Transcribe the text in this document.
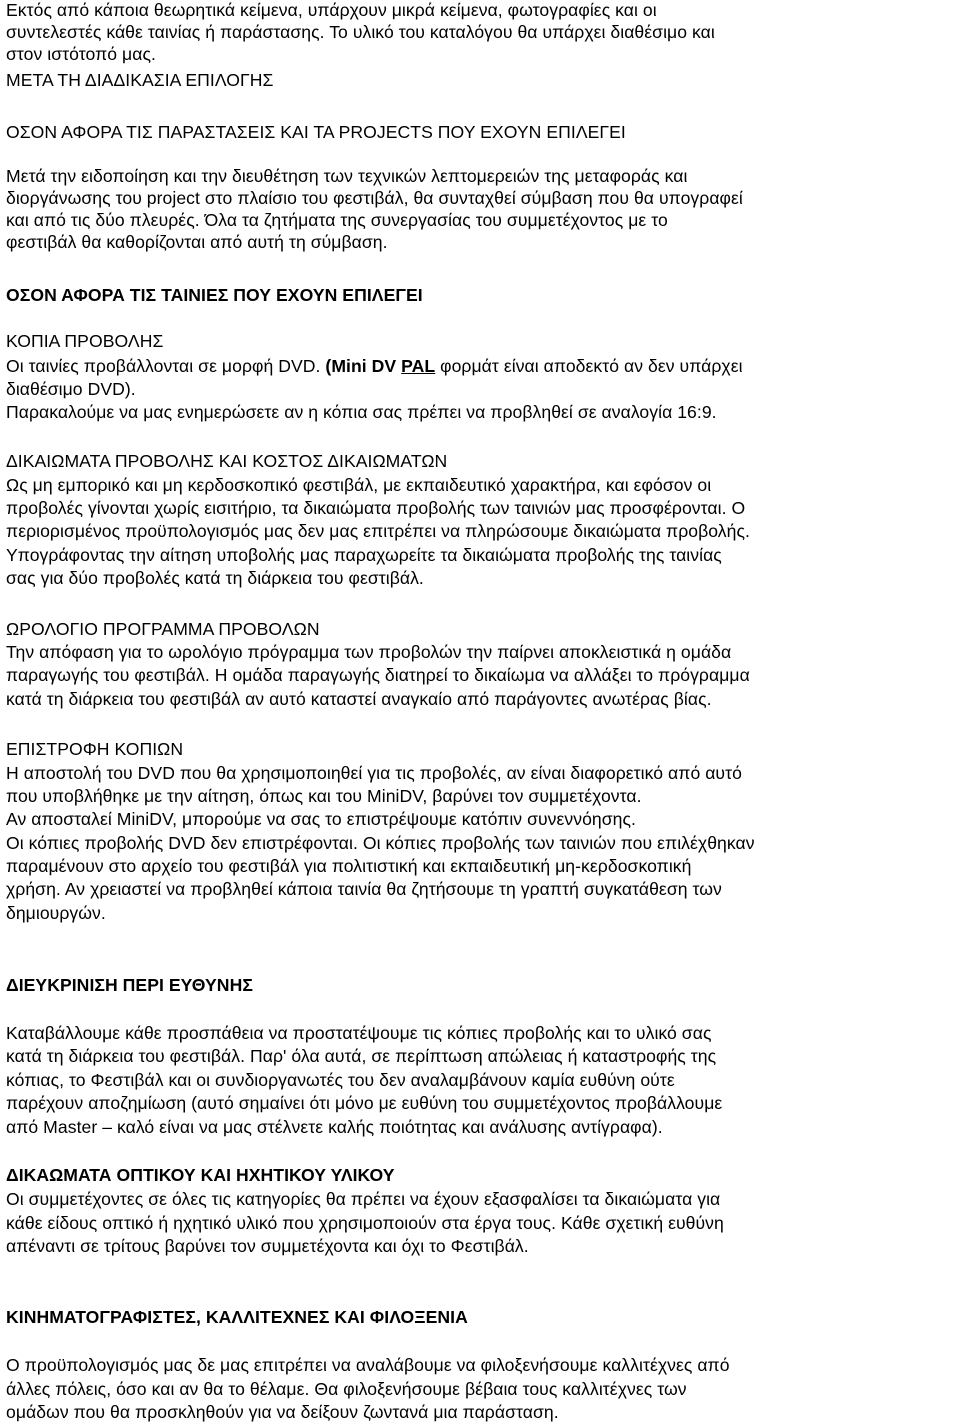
Εκτός από κάποια θεωρητικά κείμενα, υπάρχουν μικρά κείμενα, φωτογραφίες και οι
συντελεστές κάθε ταινίας ή παράστασης. Το υλικό του καταλόγου θα υπάρχει διαθέσιμο και
στον ιστότοπό μας.
ΜΕΤΑ ΤΗ ΔΙΑΔΙΚΑΣΙΑ ΕΠΙΛΟΓΗΣ
ΟΣΟΝ ΑΦΟΡΑ ΤΙΣ ΠΑΡΑΣΤΑΣΕΙΣ ΚΑΙ ΤΑ PROJECTS ΠΟΥ ΕΧΟΥΝ ΕΠΙΛΕΓΕΙ
Μετά την ειδοποίηση και την διευθέτηση των τεχνικών λεπτομερειών της μεταφοράς και
διοργάνωσης του project στο πλαίσιο του φεστιβάλ, θα συνταχθεί σύμβαση που θα υπογραφεί
και από τις δύο πλευρές. Όλα τα ζητήματα της συνεργασίας του συμμετέχοντος με το
φεστιβάλ θα καθορίζονται από αυτή τη σύμβαση.
ΟΣΟΝ ΑΦΟΡΑ ΤΙΣ ΤΑΙΝΙΕΣ ΠΟΥ ΕΧΟΥΝ ΕΠΙΛΕΓΕΙ
ΚΟΠΙΑ ΠΡΟΒΟΛΗΣ
Οι ταινίες προβάλλονται σε μορφή DVD. (Mini DV PAL φορμάτ είναι αποδεκτό αν δεν υπάρχει
διαθέσιμο DVD).
Παρακαλούμε να μας ενημερώσετε αν η κόπια σας πρέπει να προβληθεί σε αναλογία 16:9.
ΔΙΚΑΙΩΜΑΤΑ ΠΡΟΒΟΛΗΣ ΚΑΙ ΚΟΣΤΟΣ ΔΙΚΑΙΩΜΑΤΩΝ
Ως μη εμπορικό και μη κερδοσκοπικό φεστιβάλ, με εκπαιδευτικό χαρακτήρα, και εφόσον οι
προβολές γίνονται χωρίς εισιτήριο, τα δικαιώματα προβολής των ταινιών μας προσφέρονται. Ο
περιορισμένος προϋπολογισμός μας δεν μας επιτρέπει να πληρώσουμε δικαιώματα προβολής.
Υπογράφοντας την αίτηση υποβολής μας παραχωρείτε τα δικαιώματα προβολής της ταινίας
σας για δύο προβολές κατά τη διάρκεια του φεστιβάλ.
ΩΡΟΛΟΓΙΟ ΠΡΟΓΡΑΜΜΑ ΠΡΟΒΟΛΩΝ
Την απόφαση για το ωρολόγιο πρόγραμμα των προβολών την παίρνει αποκλειστικά η ομάδα
παραγωγής του φεστιβάλ. Η ομάδα παραγωγής διατηρεί το δικαίωμα να αλλάξει το πρόγραμμα
κατά τη διάρκεια του φεστιβάλ αν αυτό καταστεί αναγκαίο από παράγοντες ανωτέρας βίας.
ΕΠΙΣΤΡΟΦΗ ΚΟΠΙΩΝ
Η αποστολή του DVD που θα χρησιμοποιηθεί για τις προβολές, αν είναι διαφορετικό από αυτό
που υποβλήθηκε με την αίτηση, όπως και του MiniDV, βαρύνει τον συμμετέχοντα.
Αν αποσταλεί MiniDV, μπορούμε να σας το επιστρέψουμε κατόπιν συνεννόησης.
Οι κόπιες προβολής DVD δεν επιστρέφονται. Οι κόπιες προβολής των ταινιών που επιλέχθηκαν
παραμένουν στο αρχείο του φεστιβάλ για πολιτιστική και εκπαιδευτική μη-κερδοσκοπική
χρήση. Αν χρειαστεί να προβληθεί κάποια ταινία θα ζητήσουμε τη γραπτή συγκατάθεση των
δημιουργών.
ΔΙΕΥΚΡΙΝΙΣΗ ΠΕΡΙ ΕΥΘΥΝΗΣ
Καταβάλλουμε κάθε προσπάθεια να προστατέψουμε τις κόπιες προβολής και το υλικό σας
κατά τη διάρκεια του φεστιβάλ. Παρ' όλα αυτά, σε περίπτωση απώλειας ή καταστροφής της
κόπιας, το Φεστιβάλ και οι συνδιοργανωτές του δεν αναλαμβάνουν καμία ευθύνη ούτε
παρέχουν αποζημίωση (αυτό σημαίνει ότι μόνο με ευθύνη του συμμετέχοντος προβάλλουμε
από Master – καλό είναι να μας στέλνετε καλής ποιότητας και ανάλυσης αντίγραφα).
ΔΙΚΑΩΜΑΤΑ ΟΠΤΙΚΟΥ ΚΑΙ ΗΧΗΤΙΚΟΥ ΥΛΙΚΟΥ
Οι συμμετέχοντες σε όλες τις κατηγορίες θα πρέπει να έχουν εξασφαλίσει τα δικαιώματα για
κάθε είδους οπτικό ή ηχητικό υλικό που χρησιμοποιούν στα έργα τους. Κάθε σχετική ευθύνη
απέναντι σε τρίτους βαρύνει τον συμμετέχοντα και όχι το Φεστιβάλ.
ΚΙΝΗΜΑΤΟΓΡΑΦΙΣΤΕΣ, ΚΑΛΛΙΤΕΧΝΕΣ ΚΑΙ ΦΙΛΟΞΕΝΙΑ
Ο προϋπολογισμός μας δε μας επιτρέπει να αναλάβουμε να φιλοξενήσουμε καλλιτέχνες από
άλλες πόλεις, όσο και αν θα το θέλαμε. Θα φιλοξενήσουμε βέβαια τους καλλιτέχνες των
ομάδων που θα προσκληθούν για να δείξουν ζωντανά μια παράσταση.
